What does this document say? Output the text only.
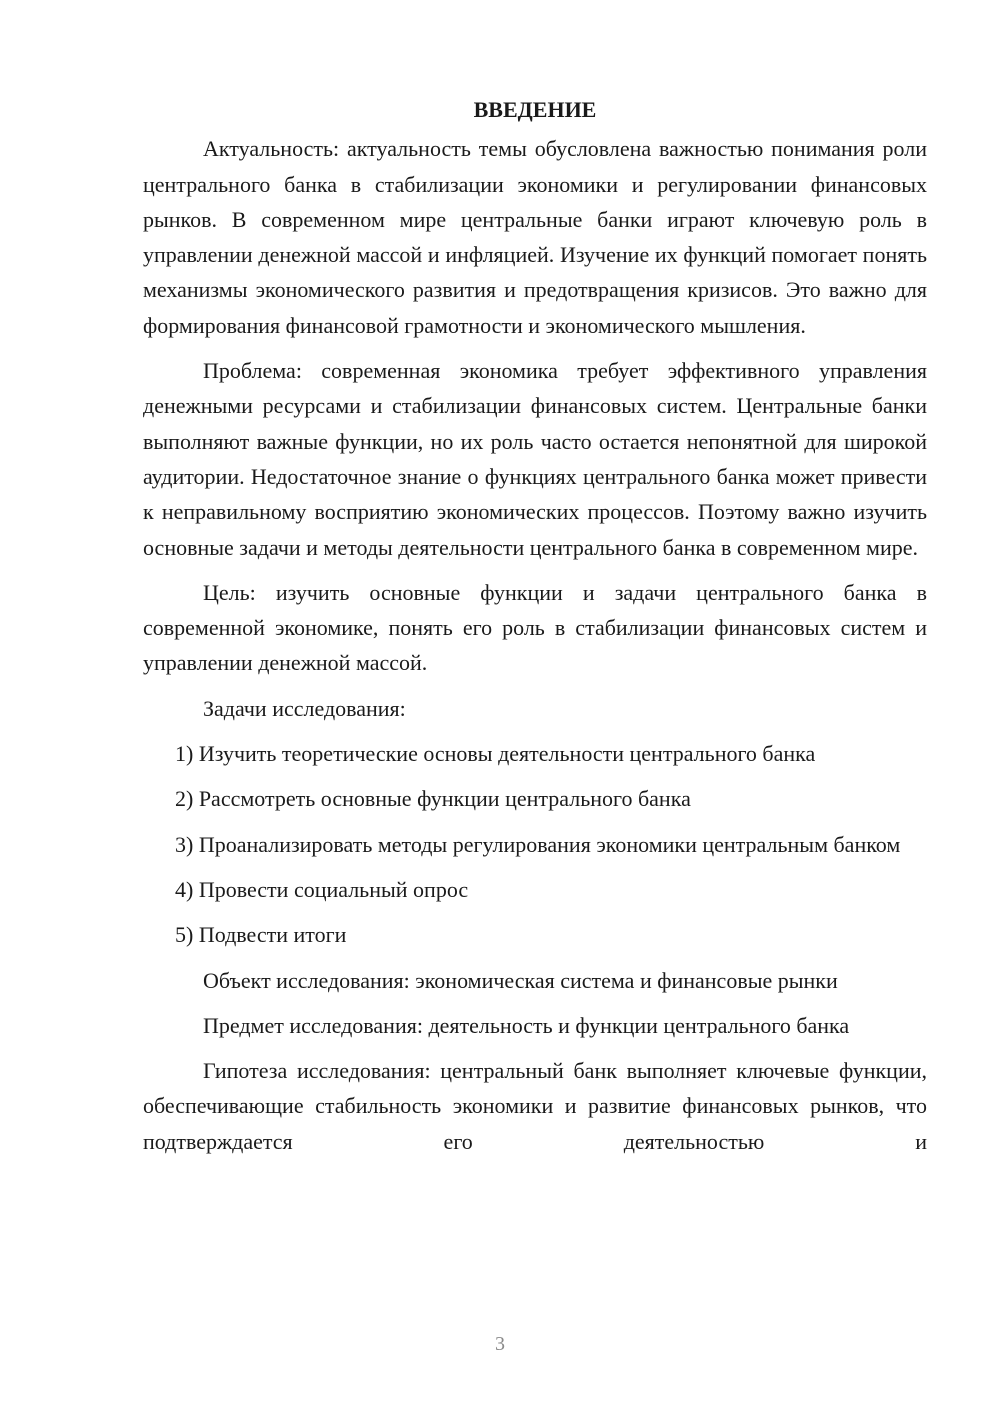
ВВЕДЕНИЕ

Актуальность: актуальность темы обусловлена важностью понимания роли центрального банка в стабилизации экономики и регулировании финансовых рынков. В современном мире центральные банки играют ключевую роль в управлении денежной массой и инфляцией. Изучение их функций помогает понять механизмы экономического развития и предотвращения кризисов. Это важно для формирования финансовой грамотности и экономического мышления.

Проблема: современная экономика требует эффективного управления денежными ресурсами и стабилизации финансовых систем. Центральные банки выполняют важные функции, но их роль часто остается непонятной для широкой аудитории. Недостаточное знание о функциях центрального банка может привести к неправильному восприятию экономических процессов. Поэтому важно изучить основные задачи и методы деятельности центрального банка в современном мире.

Цель: изучить основные функции и задачи центрального банка в современной экономике, понять его роль в стабилизации финансовых систем и управлении денежной массой.

Задачи исследования:

1) Изучить теоретические основы деятельности центрального банка

2) Рассмотреть основные функции центрального банка

3) Проанализировать методы регулирования экономики центральным банком

4) Провести социальный опрос

5) Подвести итоги

Объект исследования: экономическая система и финансовые рынки

Предмет исследования: деятельность и функции центрального банка

Гипотеза исследования: центральный банк выполняет ключевые функции, обеспечивающие стабильность экономики и развитие финансовых рынков, что подтверждается его деятельностью и

3
